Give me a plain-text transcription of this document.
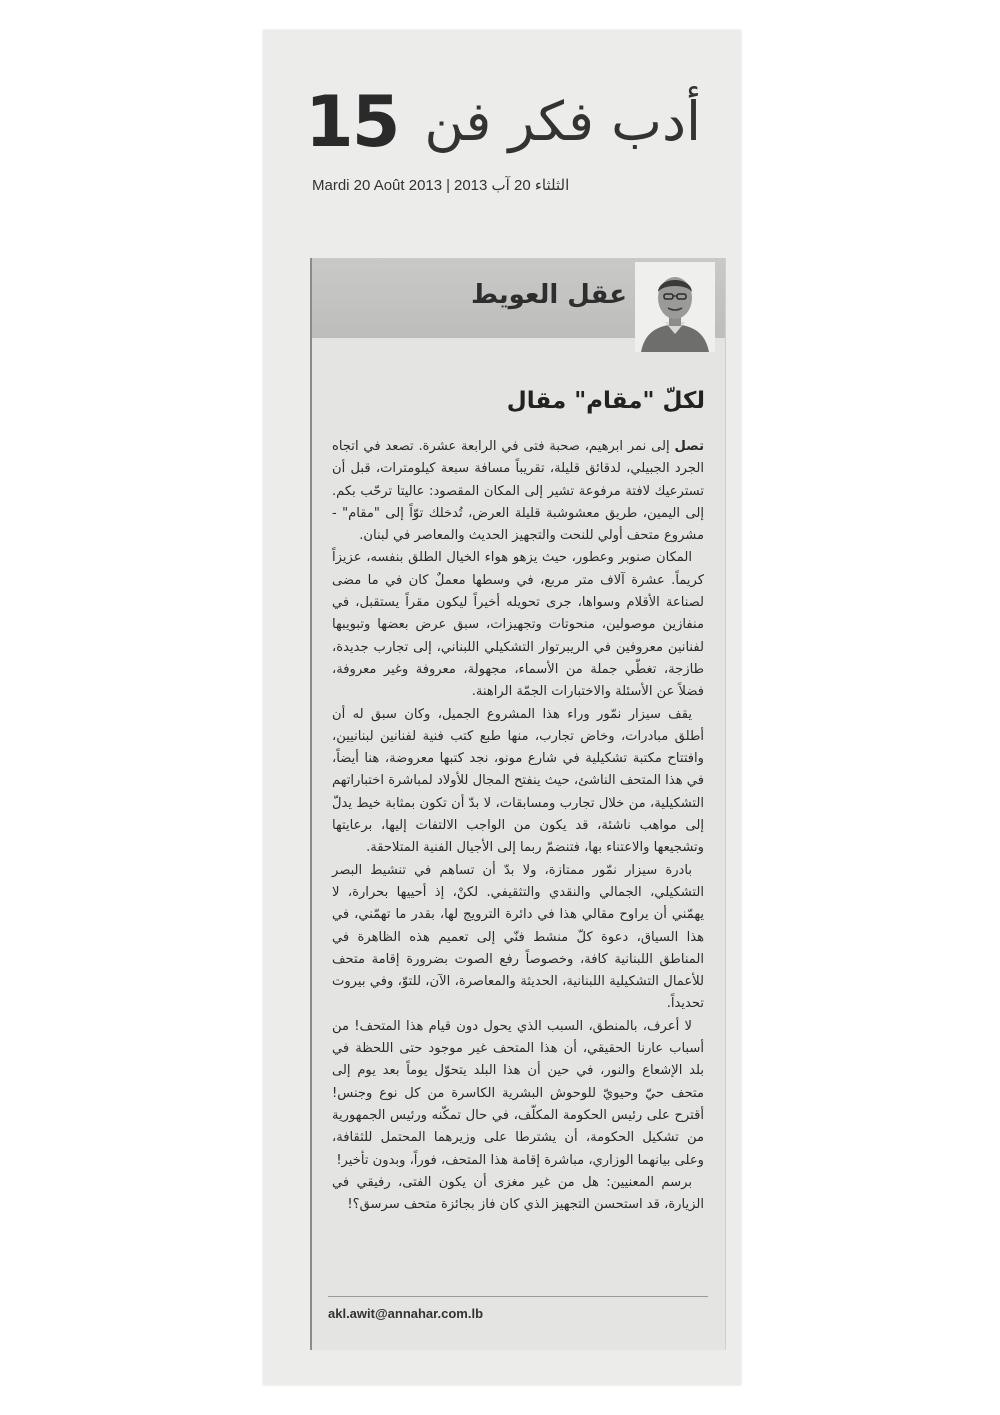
15 أدب فكر فن
Mardi 20 Août 2013 | الثلثاء 20 آب 2013
عقل العويط
لكلّ "مقام" مقال

تصل إلى نمر ابرهيم، صحبة فتى في الرابعة عشرة. تصعد في اتجاه الجرد الجبيلي، لدقائق قليلة، تقريباً مسافة سبعة كيلومترات، قبل أن تسترعيك لافتة مرفوعة تشير إلى المكان المقصود: عاليتا ترحّب بكم. إلى اليمين، طريق معشوشبة قليلة العرض، تُدخلك توّاً إلى "مقام" - مشروع متحف أولي للنحت والتجهيز الحديث والمعاصر في لبنان.

المكان صنوبر وعطور، حيث يزهو هواء الخيال الطلق بنفسه، عزيزاً كريماً. عشرة آلاف متر مربع، في وسطها معملٌ كان في ما مضى لصناعة الأقلام وسواها، جرى تحويله أخيراً ليكون مقراً يستقبل، في منفازين موصولين، منحوتات وتجهيزات، سبق عرض بعضها وتبويبها لفنانين معروفين في الريبرتوار التشكيلي اللبناني، إلى تجارب جديدة، طازجة، تغطّي جملة من الأسماء، مجهولة، معروفة وغير معروفة، فضلاً عن الأسئلة والاختبارات الجمّة الراهنة.

يقف سيزار نمّور وراء هذا المشروع الجميل، وكان سبق له أن أطلق مبادرات، وخاض تجارب، منها طبع كتب فنية لفنانين لبنانيين، وافتتاح مكتبة تشكيلية في شارع مونو، نجد كتبها معروضة، هنا أيضاً، في هذا المتحف الناشئ، حيث ينفتح المجال للأولاد لمباشرة اختباراتهم التشكيلية، من خلال تجارب ومسابقات، لا بدّ أن تكون بمثابة خيط يدلّ إلى مواهب ناشئة، قد يكون من الواجب الالتفات إليها، برعايتها وتشجيعها والاعتناء بها، فتنضمّ ربما إلى الأجيال الفنية المتلاحقة.

بادرة سيزار نمّور ممتازة، ولا بدّ أن تساهم في تنشيط البصر التشكيلي، الجمالي والنقدي والتثقيفي. لكنْ، إذ أحييها بحرارة، لا يهمّني أن يراوح مقالي هذا في دائرة الترويج لها، بقدر ما تهمّني، في هذا السياق، دعوة كلّ منشط فنّي إلى تعميم هذه الظاهرة في المناطق اللبنانية كافة، وخصوصاً رفع الصوت بضرورة إقامة متحف للأعمال التشكيلية اللبنانية، الحديثة والمعاصرة، الآن، للتوّ، وفي بيروت تحديداً.

لا أعرف، بالمنطق، السبب الذي يحول دون قيام هذا المتحف! من أسباب عارنا الحقيقي، أن هذا المتحف غير موجود حتى اللحظة في بلد الإشعاع والنور، في حين أن هذا البلد يتحوّل يوماً بعد يوم إلى متحف حيّ وحيويّ للوحوش البشرية الكاسرة من كل نوع وجنس! أقترح على رئيس الحكومة المكلّف، في حال تمكّنه ورئيس الجمهورية من تشكيل الحكومة، أن يشترطا على وزيرهما المحتمل للثقافة، وعلى بيانهما الوزاري، مباشرة إقامة هذا المتحف، فوراً، وبدون تأخير!

برسم المعنيين: هل من غير مغزى أن يكون الفتى، رفيقي في الزيارة، قد استحسن التجهيز الذي كان فاز بجائزة متحف سرسق؟!

akl.awit@annahar.com.lb
